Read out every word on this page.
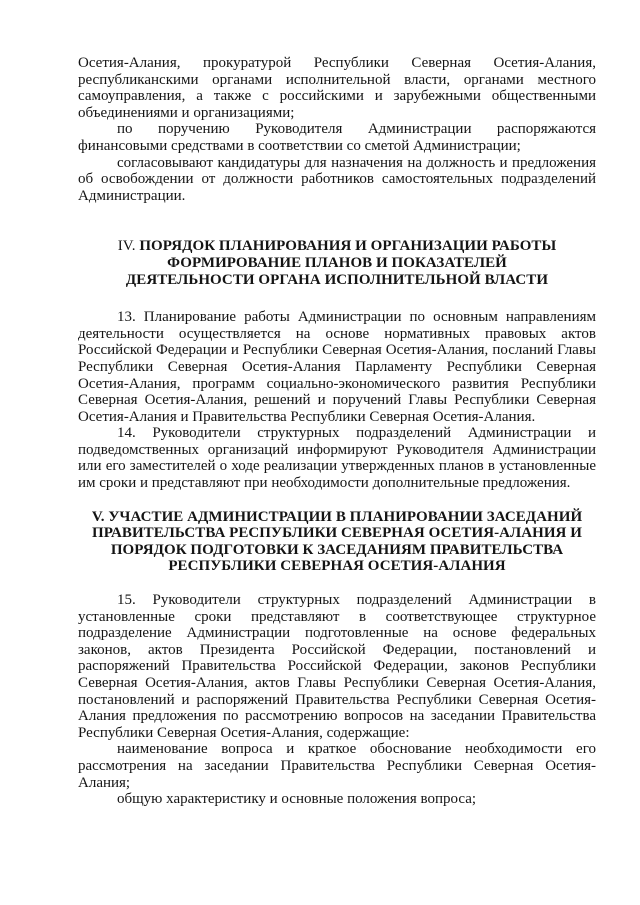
Осетия-Алания, прокуратурой Республики Северная Осетия-Алания, республиканскими органами исполнительной власти, органами местного самоуправления, а также с российскими и зарубежными общественными объединениями и организациями;

по поручению Руководителя Администрации распоряжаются финансовыми средствами в соответствии со сметой Администрации;

согласовывают кандидатуры для назначения на должность и предложения об освобождении от должности работников самостоятельных подразделений Администрации.

IV. ПОРЯДОК ПЛАНИРОВАНИЯ И ОРГАНИЗАЦИИ РАБОТЫ
ФОРМИРОВАНИЕ ПЛАНОВ И ПОКАЗАТЕЛЕЙ
ДЕЯТЕЛЬНОСТИ ОРГАНА ИСПОЛНИТЕЛЬНОЙ ВЛАСТИ

13. Планирование работы Администрации по основным направлениям деятельности осуществляется на основе нормативных правовых актов Российской Федерации и Республики Северная Осетия-Алания, посланий Главы Республики Северная Осетия-Алания Парламенту Республики Северная Осетия-Алания, программ социально-экономического развития Республики Северная Осетия-Алания, решений и поручений Главы Республики Северная Осетия-Алания и Правительства Республики Северная Осетия-Алания.

14. Руководители структурных подразделений Администрации и подведомственных организаций информируют Руководителя Администрации или его заместителей о ходе реализации утвержденных планов в установленные им сроки и представляют при необходимости дополнительные предложения.

V. УЧАСТИЕ АДМИНИСТРАЦИИ В ПЛАНИРОВАНИИ ЗАСЕДАНИЙ
ПРАВИТЕЛЬСТВА РЕСПУБЛИКИ СЕВЕРНАЯ ОСЕТИЯ-АЛАНИЯ И
ПОРЯДОК ПОДГОТОВКИ К ЗАСЕДАНИЯМ ПРАВИТЕЛЬСТВА
РЕСПУБЛИКИ СЕВЕРНАЯ ОСЕТИЯ-АЛАНИЯ

15. Руководители структурных подразделений Администрации в установленные сроки представляют в соответствующее структурное подразделение Администрации подготовленные на основе федеральных законов, актов Президента Российской Федерации, постановлений и распоряжений Правительства Российской Федерации, законов Республики Северная Осетия-Алания, актов Главы Республики Северная Осетия-Алания, постановлений и распоряжений Правительства Республики Северная Осетия-Алания предложения по рассмотрению вопросов на заседании Правительства Республики Северная Осетия-Алания, содержащие:

наименование вопроса и краткое обоснование необходимости его рассмотрения на заседании Правительства Республики Северная Осетия-Алания;

общую характеристику и основные положения вопроса;
